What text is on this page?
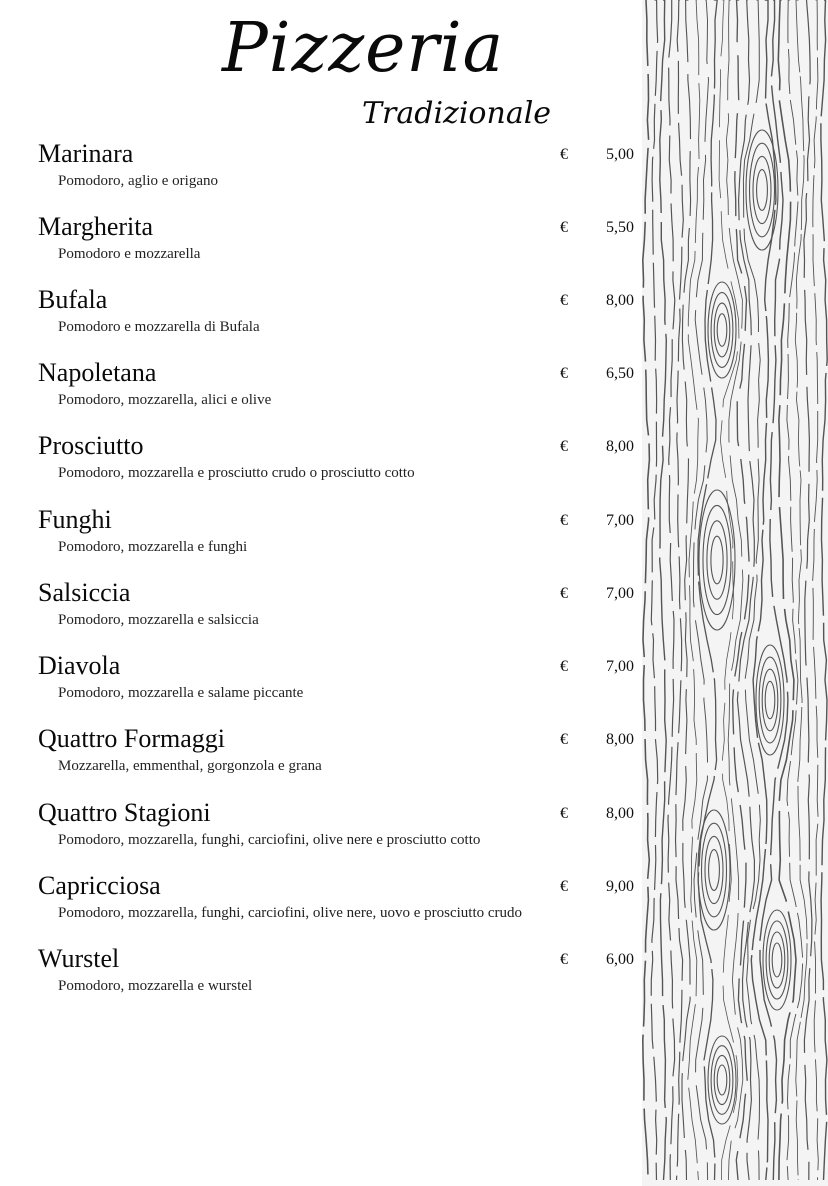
Pizzeria
Tradizionale
Marinara
Pomodoro, aglio e origano
€	5,00
Margherita
Pomodoro e mozzarella
€	5,50
Bufala
Pomodoro e mozzarella di Bufala
€	8,00
Napoletana
Pomodoro, mozzarella, alici e olive
€	6,50
Prosciutto
Pomodoro, mozzarella e prosciutto crudo o prosciutto cotto
€	8,00
Funghi
Pomodoro, mozzarella e funghi
€	7,00
Salsiccia
Pomodoro, mozzarella e salsiccia
€	7,00
Diavola
Pomodoro, mozzarella e salame piccante
€	7,00
Quattro Formaggi
Mozzarella, emmenthal, gorgonzola e grana
€	8,00
Quattro Stagioni
Pomodoro, mozzarella, funghi, carciofini, olive nere e prosciutto cotto
€	8,00
Capricciosa
Pomodoro, mozzarella, funghi, carciofini, olive nere, uovo e prosciutto crudo
€	9,00
Wurstel
Pomodoro, mozzarella e wurstel
€	6,00
